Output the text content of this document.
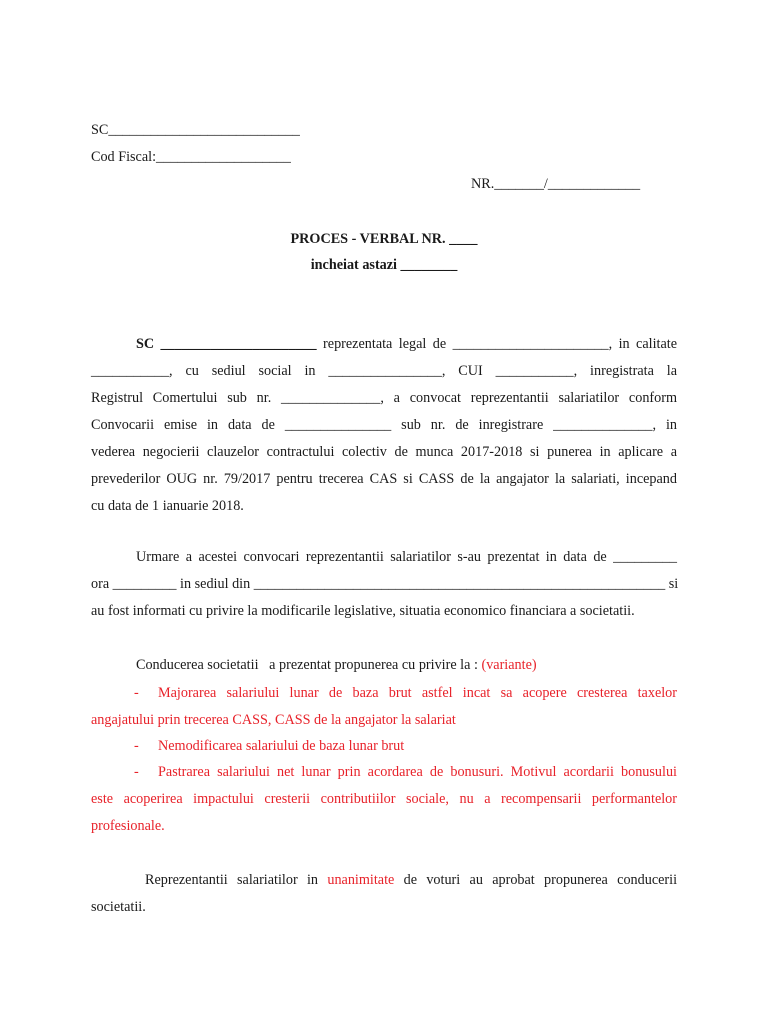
SC___________________________
Cod Fiscal:___________________
NR._______/_____________
PROCES - VERBAL NR. ____
incheiat astazi ________
SC ______________________ reprezentata legal de ______________________, in calitate
___________, cu sediul social in ________________, CUI ___________, inregistrata la
Registrul Comertului sub nr. ______________, a convocat reprezentantii salariatilor conform
Convocarii emise in data de _______________ sub nr. de inregistrare ______________, in
vederea negocierii clauzelor contractului colectiv de munca 2017-2018 si punerea in aplicare a
prevederilor OUG nr. 79/2017 pentru trecerea CAS si CASS de la angajator la salariati, incepand
cu data de 1 ianuarie 2018.
Urmare a acestei convocari reprezentantii salariatilor s-au prezentat in data de _________
ora _________ in sediul din __________________________________________________________ si
au fost informati cu privire la modificarile legislative, situatia economico financiara a societatii.
Conducerea societatii   a prezentat propunerea cu privire la : (variante)
- Majorarea salariului lunar de baza brut astfel incat sa acopere cresterea taxelor
angajatului prin trecerea CASS, CASS de la angajator la salariat
- Nemodificarea salariului de baza lunar brut
- Pastrarea salariului net lunar prin acordarea de bonusuri. Motivul acordarii bonusului
este acoperirea impactului cresterii contributiilor sociale, nu a recompensarii performantelor
profesionale.
Reprezentantii salariatilor in unanimitate de voturi au aprobat propunerea conducerii
societatii.
